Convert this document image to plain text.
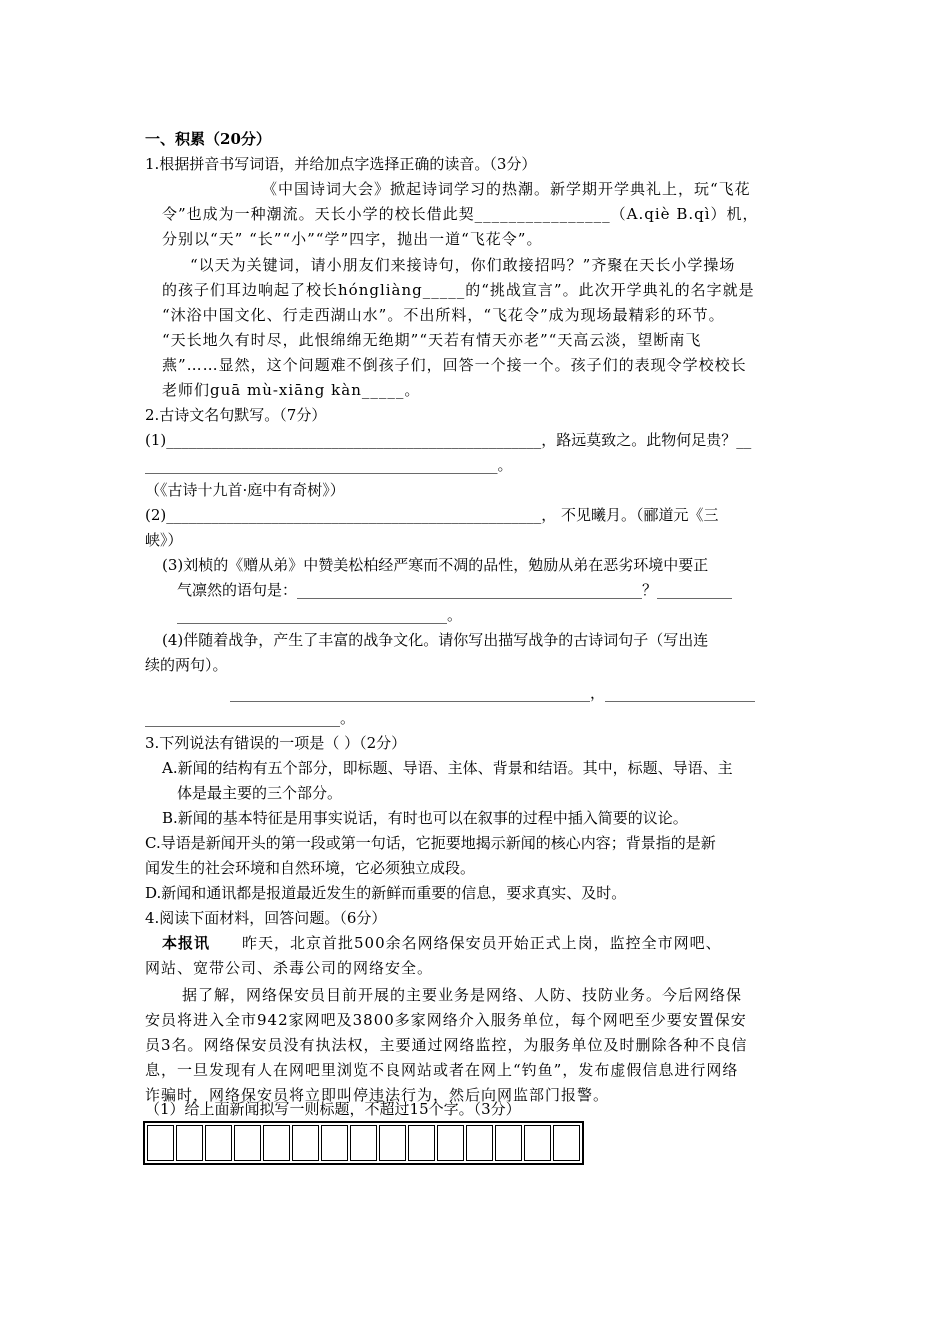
一、积累（20分）
1.根据拼音书写词语，并给加点字选择正确的读音。（3分）
《中国诗词大会》掀起诗词学习的热潮。新学期开学典礼上，玩“飞花
令”也成为一种潮流。天长小学的校长借此契________________（A.qiè B.qì）机，
分别以“天” “长”“小”“学”四字，抛出一道“飞花令”。
“以天为关键词，请小朋友们来接诗句，你们敢接招吗？”齐聚在天长小学操场
的孩子们耳边响起了校长hóngliàng_____的“挑战宣言”。此次开学典礼的名字就是
“沐浴中国文化、行走西湖山水”。不出所料，“飞花令”成为现场最精彩的环节。
“天长地久有时尽，此恨绵绵无绝期”“天若有情天亦老”“天高云淡，望断南飞
燕”……显然，这个问题难不倒孩子们，回答一个接一个。孩子们的表现令学校校长
老师们guā mù-xiāng kàn_____。
2.古诗文名句默写。（7分）
(1)__________________________________________________，路远莫致之。此物何足贵？__
_______________________________________________。
（《古诗十九首·庭中有奇树》）
(2)__________________________________________________， 不见曦月。（郦道元《三
峡》）
(3)刘桢的《赠从弟》中赞美松柏经严寒而不凋的品性，勉励从弟在恶劣环境中要正
气凛然的语句是：______________________________________________？__________
____________________________________。
(4)伴随着战争，产生了丰富的战争文化。请你写出描写战争的古诗词句子（写出连
续的两句）。
________________________________________________，____________________
__________________________。
3.下列说法有错误的一项是（ ）（2分）
A.新闻的结构有五个部分，即标题、导语、主体、背景和结语。其中，标题、导语、主
体是最主要的三个部分。
B.新闻的基本特征是用事实说话，有时也可以在叙事的过程中插入简要的议论。
C.导语是新闻开头的第一段或第一句话，它扼要地揭示新闻的核心内容；背景指的是新
闻发生的社会环境和自然环境，它必须独立成段。
D.新闻和通讯都是报道最近发生的新鲜而重要的信息，要求真实、及时。
4.阅读下面材料，回答问题。（6分）
本报讯 昨天，北京首批500余名网络保安员开始正式上岗，监控全市网吧、
网站、宽带公司、杀毒公司的网络安全。
据了解，网络保安员目前开展的主要业务是网络、人防、技防业务。今后网络保
安员将进入全市942家网吧及3800多家网络介入服务单位，每个网吧至少要安置保安
员3名。网络保安员没有执法权，主要通过网络监控，为服务单位及时删除各种不良信
息，一旦发现有人在网吧里浏览不良网站或者在网上“钓鱼”，发布虚假信息进行网络
诈骗时，网络保安员将立即叫停违法行为，然后向网监部门报警。
（1）给上面新闻拟写一则标题，不超过15个字。（3分）
